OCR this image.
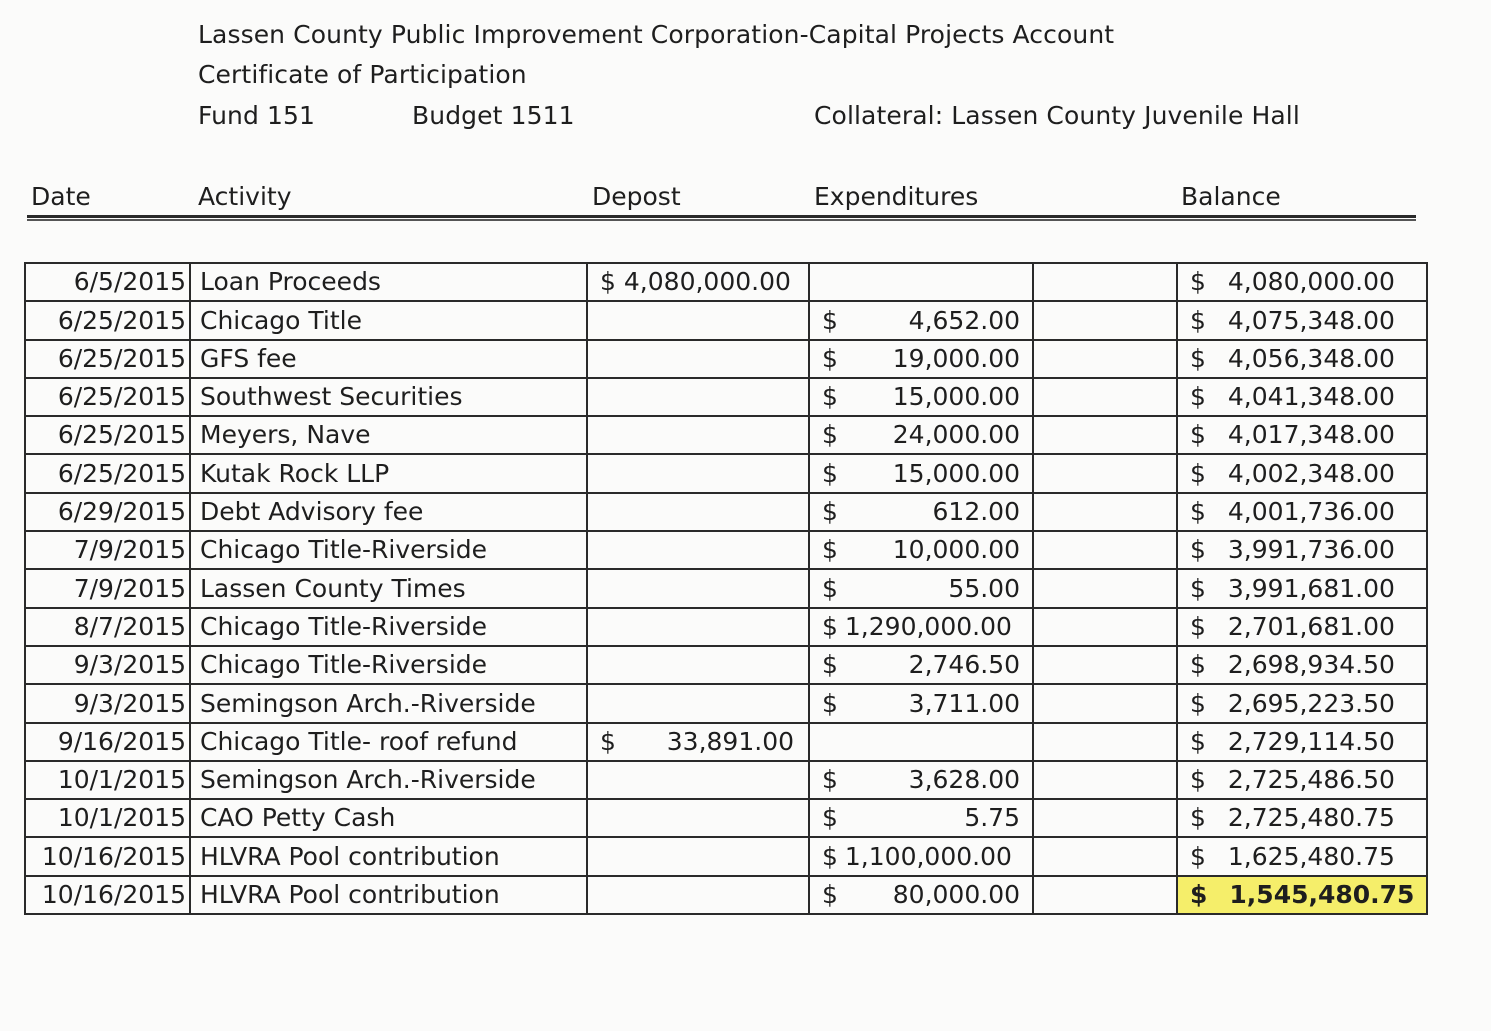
Lassen County Public Improvement Corporation-Capital Projects Account
Certificate of Participation
Fund 151	Budget 1511	Collateral: Lassen County Juvenile Hall
Date	Activity	Depost	Expenditures	Balance
6/5/2015	Loan Proceeds	$ 4,080,000.00			$ 4,080,000.00

6/25/2015	Chicago Title		$ 4,652.00		$ 4,075,348.00

6/25/2015	GFS fee		$ 19,000.00		$ 4,056,348.00

6/25/2015	Southwest Securities		$ 15,000.00		$ 4,041,348.00

6/25/2015	Meyers, Nave		$ 24,000.00		$ 4,017,348.00

6/25/2015	Kutak Rock LLP		$ 15,000.00		$ 4,002,348.00

6/29/2015	Debt Advisory fee		$ 612.00		$ 4,001,736.00

7/9/2015	Chicago Title-Riverside		$ 10,000.00		$ 3,991,736.00

7/9/2015	Lassen County Times		$ 55.00		$ 3,991,681.00

8/7/2015	Chicago Title-Riverside		$ 1,290,000.00		$ 2,701,681.00

9/3/2015	Chicago Title-Riverside		$ 2,746.50		$ 2,698,934.50

9/3/2015	Semingson Arch.-Riverside		$ 3,711.00		$ 2,695,223.50

9/16/2015	Chicago Title- roof refund	$ 33,891.00			$ 2,729,114.50

10/1/2015	Semingson Arch.-Riverside		$ 3,628.00		$ 2,725,486.50

10/1/2015	CAO Petty Cash		$ 5.75		$ 2,725,480.75

10/16/2015	HLVRA Pool contribution		$ 1,100,000.00		$ 1,625,480.75

10/16/2015	HLVRA Pool contribution		$ 80,000.00		$ 1,545,480.75
